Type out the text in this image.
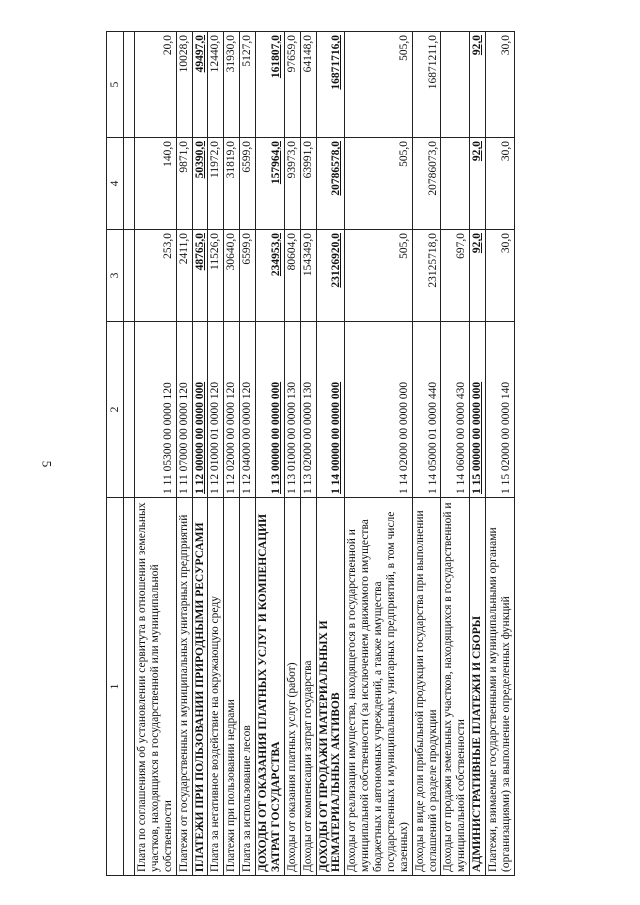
5
1	2	3	4	5

Плата по соглашениям об установлении сервитута в отношении земельных участков, находящихся в государственной или муниципальной собственности	1 11 05300 00 0000 120	253,0	140,0	20,0
Платежи от государственных и муниципальных унитарных предприятий	1 11 07000 00 0000 120	2411,0	9871,0	10028,0
ПЛАТЕЖИ ПРИ ПОЛЬЗОВАНИИ ПРИРОДНЫМИ РЕСУРСАМИ	1 12 00000 00 0000 000	48765,0	50390,0	49497,0
Плата за негативное воздействие на окружающую среду	1 12 01000 01 0000 120	11526,0	11972,0	12440,0
Платежи при пользовании недрами	1 12 02000 00 0000 120	30640,0	31819,0	31930,0
Плата за использование лесов	1 12 04000 00 0000 120	6599,0	6599,0	5127,0
ДОХОДЫ ОТ ОКАЗАНИЯ ПЛАТНЫХ УСЛУГ И КОМПЕНСАЦИИ ЗАТРАТ ГОСУДАРСТВА	1 13 00000 00 0000 000	234953,0	157964,0	161807,0
Доходы от оказания платных услуг (работ)	1 13 01000 00 0000 130	80604,0	93973,0	97659,0
Доходы от компенсации затрат государства	1 13 02000 00 0000 130	154349,0	63991,0	64148,0
ДОХОДЫ ОТ ПРОДАЖИ МАТЕРИАЛЬНЫХ И НЕМАТЕРИАЛЬНЫХ АКТИВОВ	1 14 00000 00 0000 000	23126920,0	20786578,0	16871716,0
Доходы от реализации имущества, находящегося в государственной и муниципальной собственности (за исключением движимого имущества бюджетных и автономных учреждений, а также имущества государственных и муниципальных унитарных предприятий, в том числе казенных)	1 14 02000 00 0000 000	505,0	505,0	505,0
Доходы в виде доли прибыльной продукции государства при выполнении соглашений о разделе продукции	1 14 05000 01 0000 440	23125718,0	20786073,0	16871211,0
Доходы от продажи земельных участков, находящихся в государственной и муниципальной собственности	1 14 06000 00 0000 430	697,0		
АДМИНИСТРАТИВНЫЕ ПЛАТЕЖИ И СБОРЫ	1 15 00000 00 0000 000	92,0	92,0	92,0
Платежи, взимаемые государственными и муниципальными органами (организациями) за выполнение определенных функций	1 15 02000 00 0000 140	30,0	30,0	30,0
